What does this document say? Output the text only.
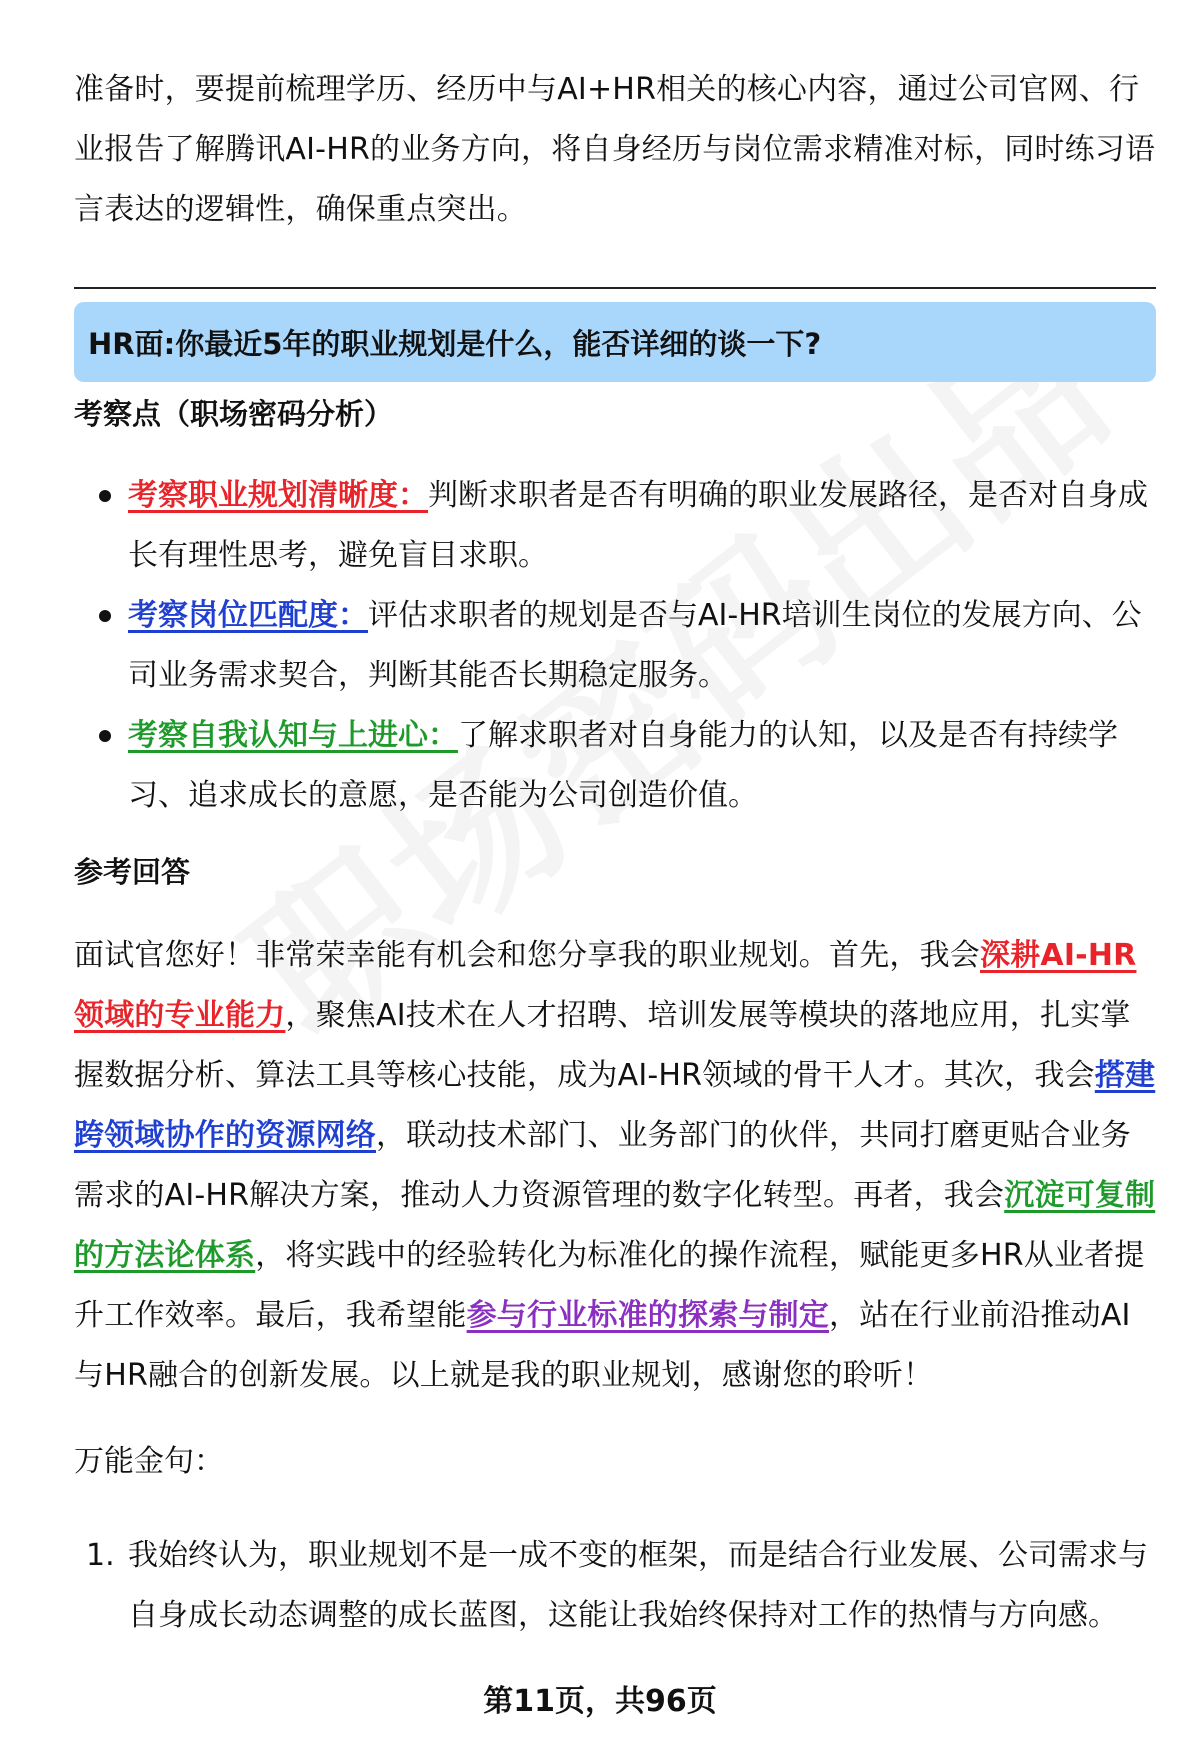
准备时，要提前梳理学历、经历中与AI+HR相关的核心内容，通过公司官网、行业报告了解腾讯AI-HR的业务方向，将自身经历与岗位需求精准对标，同时练习语言表达的逻辑性，确保重点突出。

HR面:你最近5年的职业规划是什么，能否详细的谈一下?
考察点（职场密码分析）
考察职业规划清晰度：判断求职者是否有明确的职业发展路径，是否对自身成长有理性思考，避免盲目求职。
考察岗位匹配度：评估求职者的规划是否与AI-HR培训生岗位的发展方向、公司业务需求契合，判断其能否长期稳定服务。
考察自我认知与上进心：了解求职者对自身能力的认知，以及是否有持续学习、追求成长的意愿，是否能为公司创造价值。
参考回答

面试官您好！非常荣幸能有机会和您分享我的职业规划。首先，我会深耕AI-HR领域的专业能力，聚焦AI技术在人才招聘、培训发展等模块的落地应用，扎实掌握数据分析、算法工具等核心技能，成为AI-HR领域的骨干人才。其次，我会搭建跨领域协作的资源网络，联动技术部门、业务部门的伙伴，共同打磨更贴合业务需求的AI-HR解决方案，推动人力资源管理的数字化转型。再者，我会沉淀可复制的方法论体系，将实践中的经验转化为标准化的操作流程，赋能更多HR从业者提升工作效率。最后，我希望能参与行业标准的探索与制定，站在行业前沿推动AI与HR融合的创新发展。以上就是我的职业规划，感谢您的聆听！

万能金句：

1. 我始终认为，职业规划不是一成不变的框架，而是结合行业发展、公司需求与自身成长动态调整的成长蓝图，这能让我始终保持对工作的热情与方向感。
第11页，共96页
